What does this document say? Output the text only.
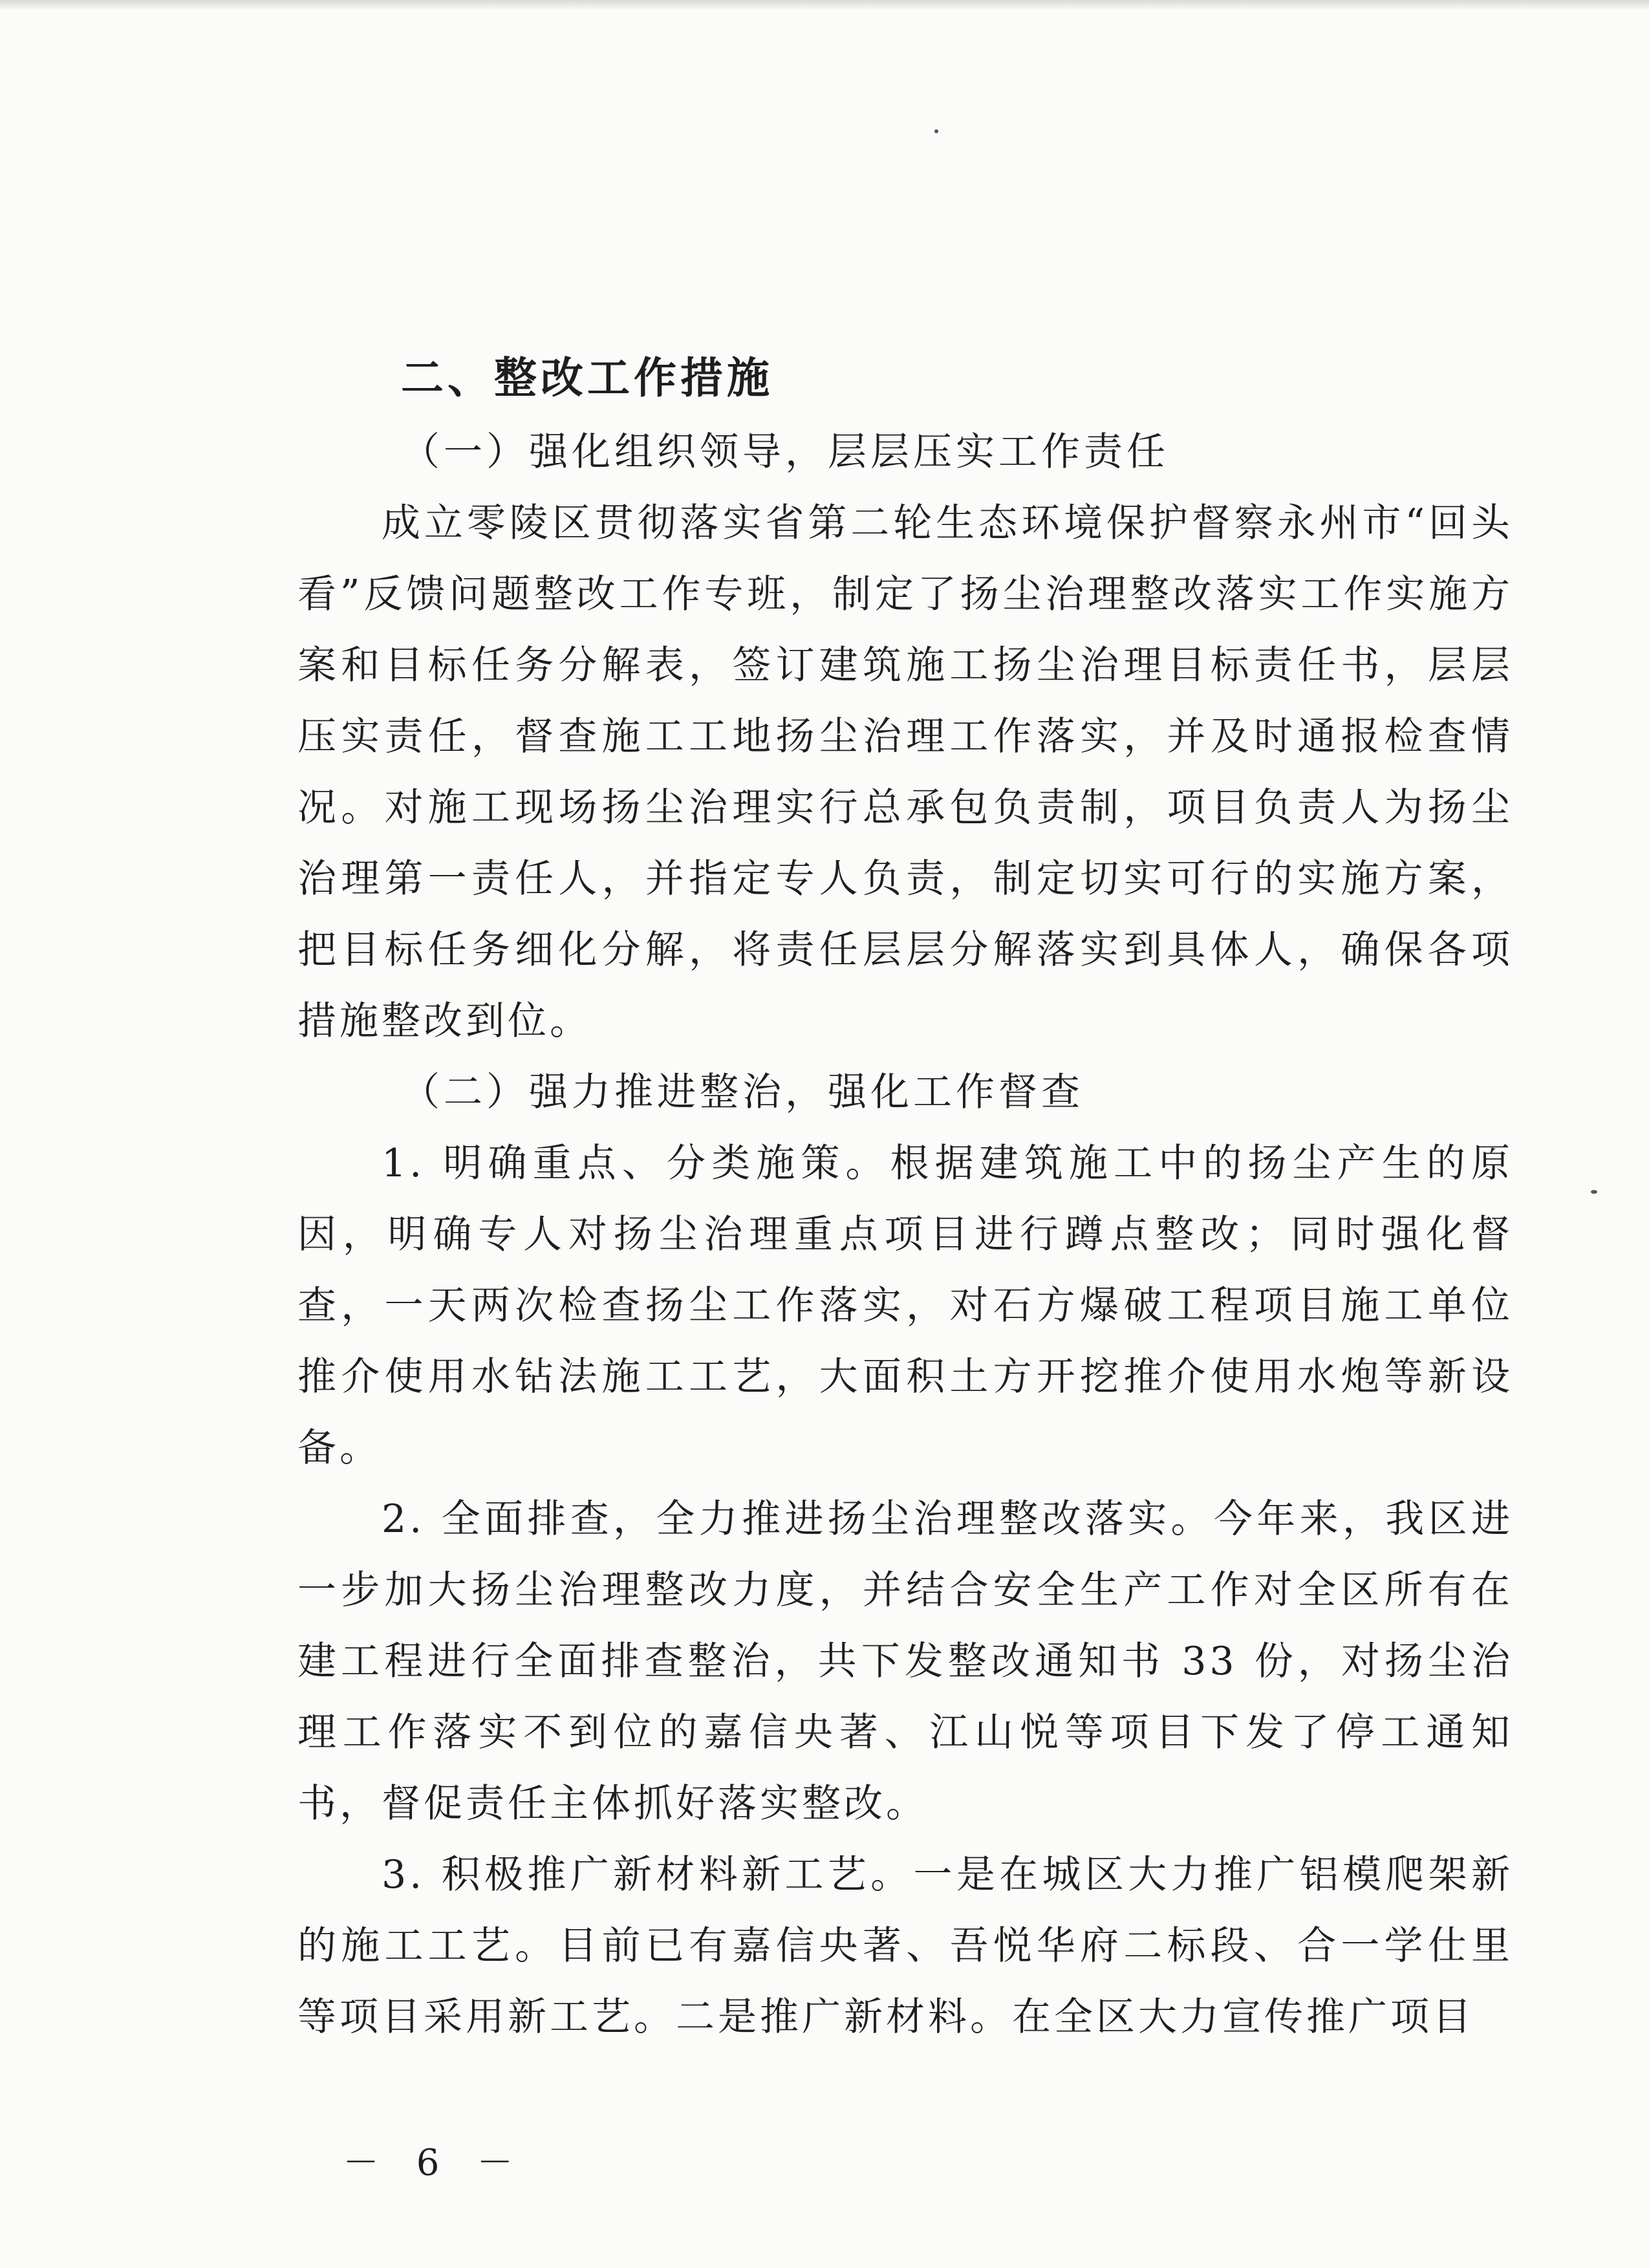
二、整改工作措施

（一）强化组织领导，层层压实工作责任

成立零陵区贯彻落实省第二轮生态环境保护督察永州市“回头看”反馈问题整改工作专班，制定了扬尘治理整改落实工作实施方案和目标任务分解表，签订建筑施工扬尘治理目标责任书，层层压实责任，督查施工工地扬尘治理工作落实，并及时通报检查情况。对施工现场扬尘治理实行总承包负责制，项目负责人为扬尘治理第一责任人，并指定专人负责，制定切实可行的实施方案，把目标任务细化分解，将责任层层分解落实到具体人，确保各项措施整改到位。

（二）强力推进整治，强化工作督查

1. 明确重点、分类施策。根据建筑施工中的扬尘产生的原因，明确专人对扬尘治理重点项目进行蹲点整改；同时强化督查，一天两次检查扬尘工作落实，对石方爆破工程项目施工单位推介使用水钻法施工工艺，大面积土方开挖推介使用水炮等新设备。

2. 全面排查，全力推进扬尘治理整改落实。今年来，我区进一步加大扬尘治理整改力度，并结合安全生产工作对全区所有在建工程进行全面排查整治，共下发整改通知书 33 份，对扬尘治理工作落实不到位的嘉信央著、江山悦等项目下发了停工通知书，督促责任主体抓好落实整改。

3. 积极推广新材料新工艺。一是在城区大力推广铝模爬架新的施工工艺。目前已有嘉信央著、吾悦华府二标段、合一学仕里等项目采用新工艺。二是推广新材料。在全区大力宣传推广项目

－ 6 －
